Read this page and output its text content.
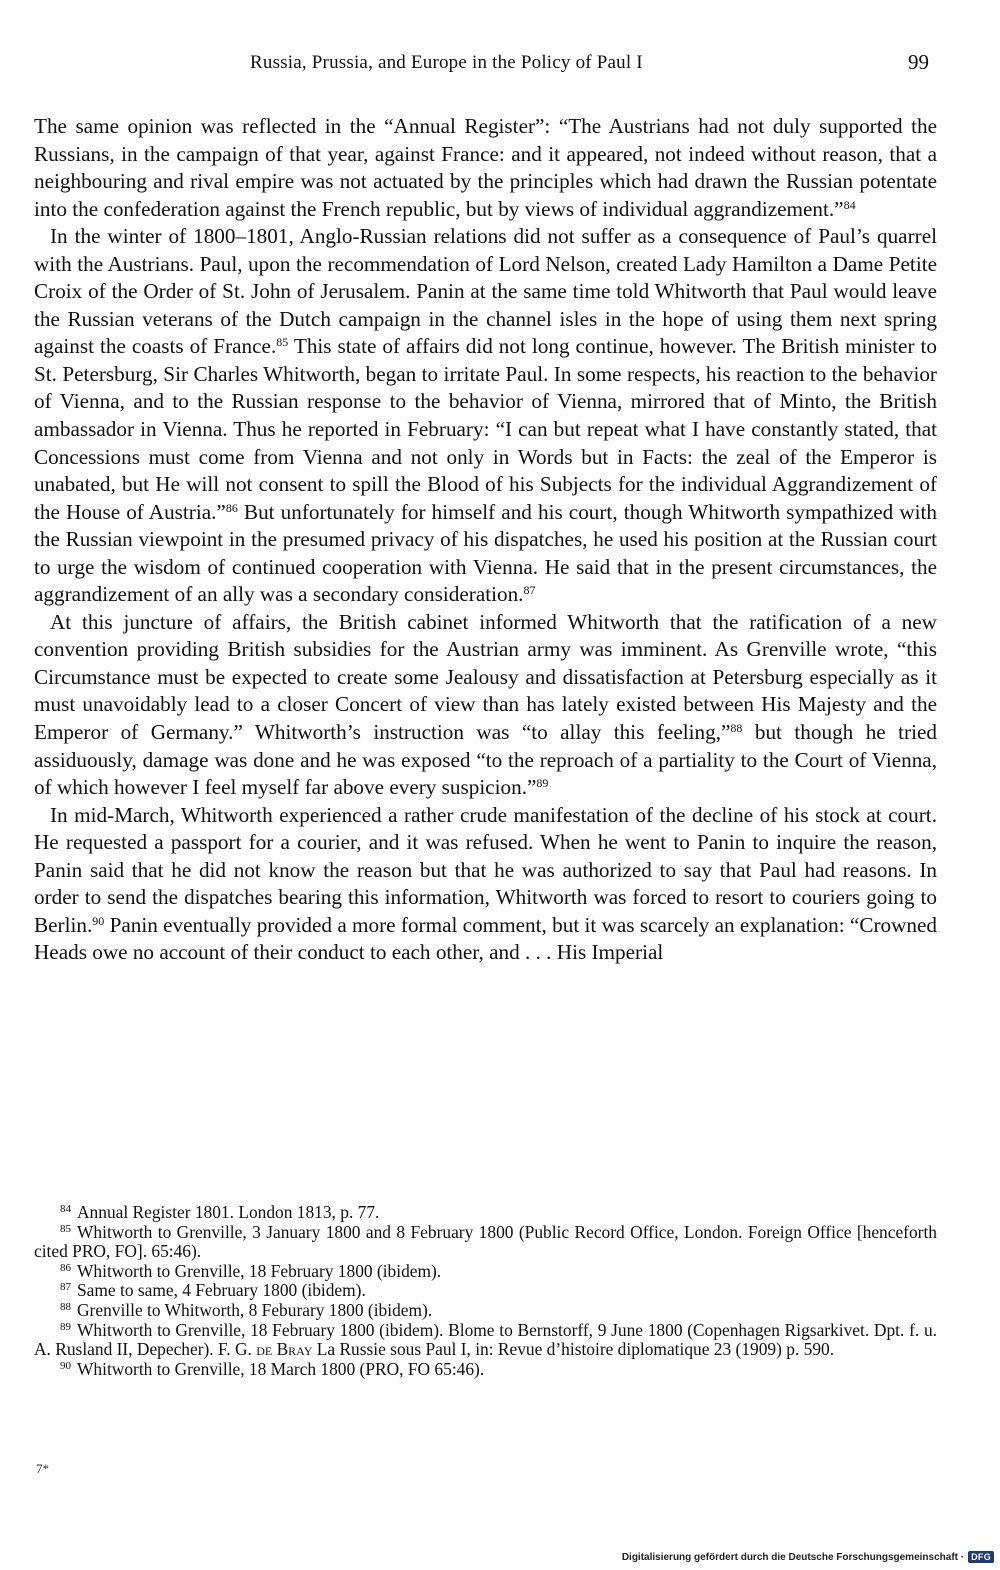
Russia, Prussia, and Europe in the Policy of Paul I	99

The same opinion was reflected in the “Annual Register”: “The Austrians had not duly supported the Russians, in the campaign of that year, against France: and it appeared, not indeed without reason, that a neighbouring and rival empire was not actuated by the principles which had drawn the Russian potentate into the confederation against the French republic, but by views of individual aggrandizement.”$^{84}$

In the winter of 1800–1801, Anglo-Russian relations did not suffer as a consequence of Paul’s quarrel with the Austrians. Paul, upon the recommendation of Lord Nelson, created Lady Hamilton a Dame Petite Croix of the Order of St. John of Jerusalem. Panin at the same time told Whitworth that Paul would leave the Russian veterans of the Dutch campaign in the channel isles in the hope of using them next spring against the coasts of France.$^{85}$ This state of affairs did not long continue, however. The British minister to St. Petersburg, Sir Charles Whitworth, began to irritate Paul. In some respects, his reaction to the behavior of Vienna, and to the Russian response to the behavior of Vienna, mirrored that of Minto, the British ambassador in Vienna. Thus he reported in February: “I can but repeat what I have constantly stated, that Concessions must come from Vienna and not only in Words but in Facts: the zeal of the Emperor is unabated, but He will not consent to spill the Blood of his Subjects for the individual Aggrandizement of the House of Austria.”$^{86}$ But unfortunately for himself and his court, though Whitworth sympathized with the Russian viewpoint in the presumed privacy of his dispatches, he used his position at the Russian court to urge the wisdom of continued cooperation with Vienna. He said that in the present circumstances, the aggrandizement of an ally was a secondary consideration.$^{87}$

At this juncture of affairs, the British cabinet informed Whitworth that the ratification of a new convention providing British subsidies for the Austrian army was imminent. As Grenville wrote, “this Circumstance must be expected to create some Jealousy and dissatisfaction at Petersburg especially as it must unavoidably lead to a closer Concert of view than has lately existed between His Majesty and the Emperor of Germany.” Whitworth’s instruction was “to allay this feeling,”$^{88}$ but though he tried assiduously, damage was done and he was exposed “to the reproach of a partiality to the Court of Vienna, of which however I feel myself far above every suspicion.”$^{89}$

In mid-March, Whitworth experienced a rather crude manifestation of the decline of his stock at court. He requested a passport for a courier, and it was refused. When he went to Panin to inquire the reason, Panin said that he did not know the reason but that he was authorized to say that Paul had reasons. In order to send the dispatches bearing this information, Whitworth was forced to resort to couriers going to Berlin.$^{90}$ Panin eventually provided a more formal comment, but it was scarcely an explanation: “Crowned Heads owe no account of their conduct to each other, and . . . His Imperial

$^{84}$ Annual Register 1801. London 1813, p. 77.

$^{85}$ Whitworth to Grenville, 3 January 1800 and 8 February 1800 (Public Record Office, London. Foreign Office [henceforth cited PRO, FO]. 65:46).

$^{86}$ Whitworth to Grenville, 18 February 1800 (ibidem).

$^{87}$ Same to same, 4 February 1800 (ibidem).

$^{88}$ Grenville to Whitworth, 8 Feburary 1800 (ibidem).

$^{89}$ Whitworth to Grenville, 18 February 1800 (ibidem). Blome to Bernstorff, 9 June 1800 (Copenhagen Rigsarkivet. Dpt. f. u. A. Rusland II, Depecher). F. G. de Bray La Russie sous Paul I, in: Revue d’histoire diplomatique 23 (1909) p. 590.

$^{90}$ Whitworth to Grenville, 18 March 1800 (PRO, FO 65:46).

7*
Digitalisierung gefördert durch die Deutsche Forschungsgemeinschaft · DFG
